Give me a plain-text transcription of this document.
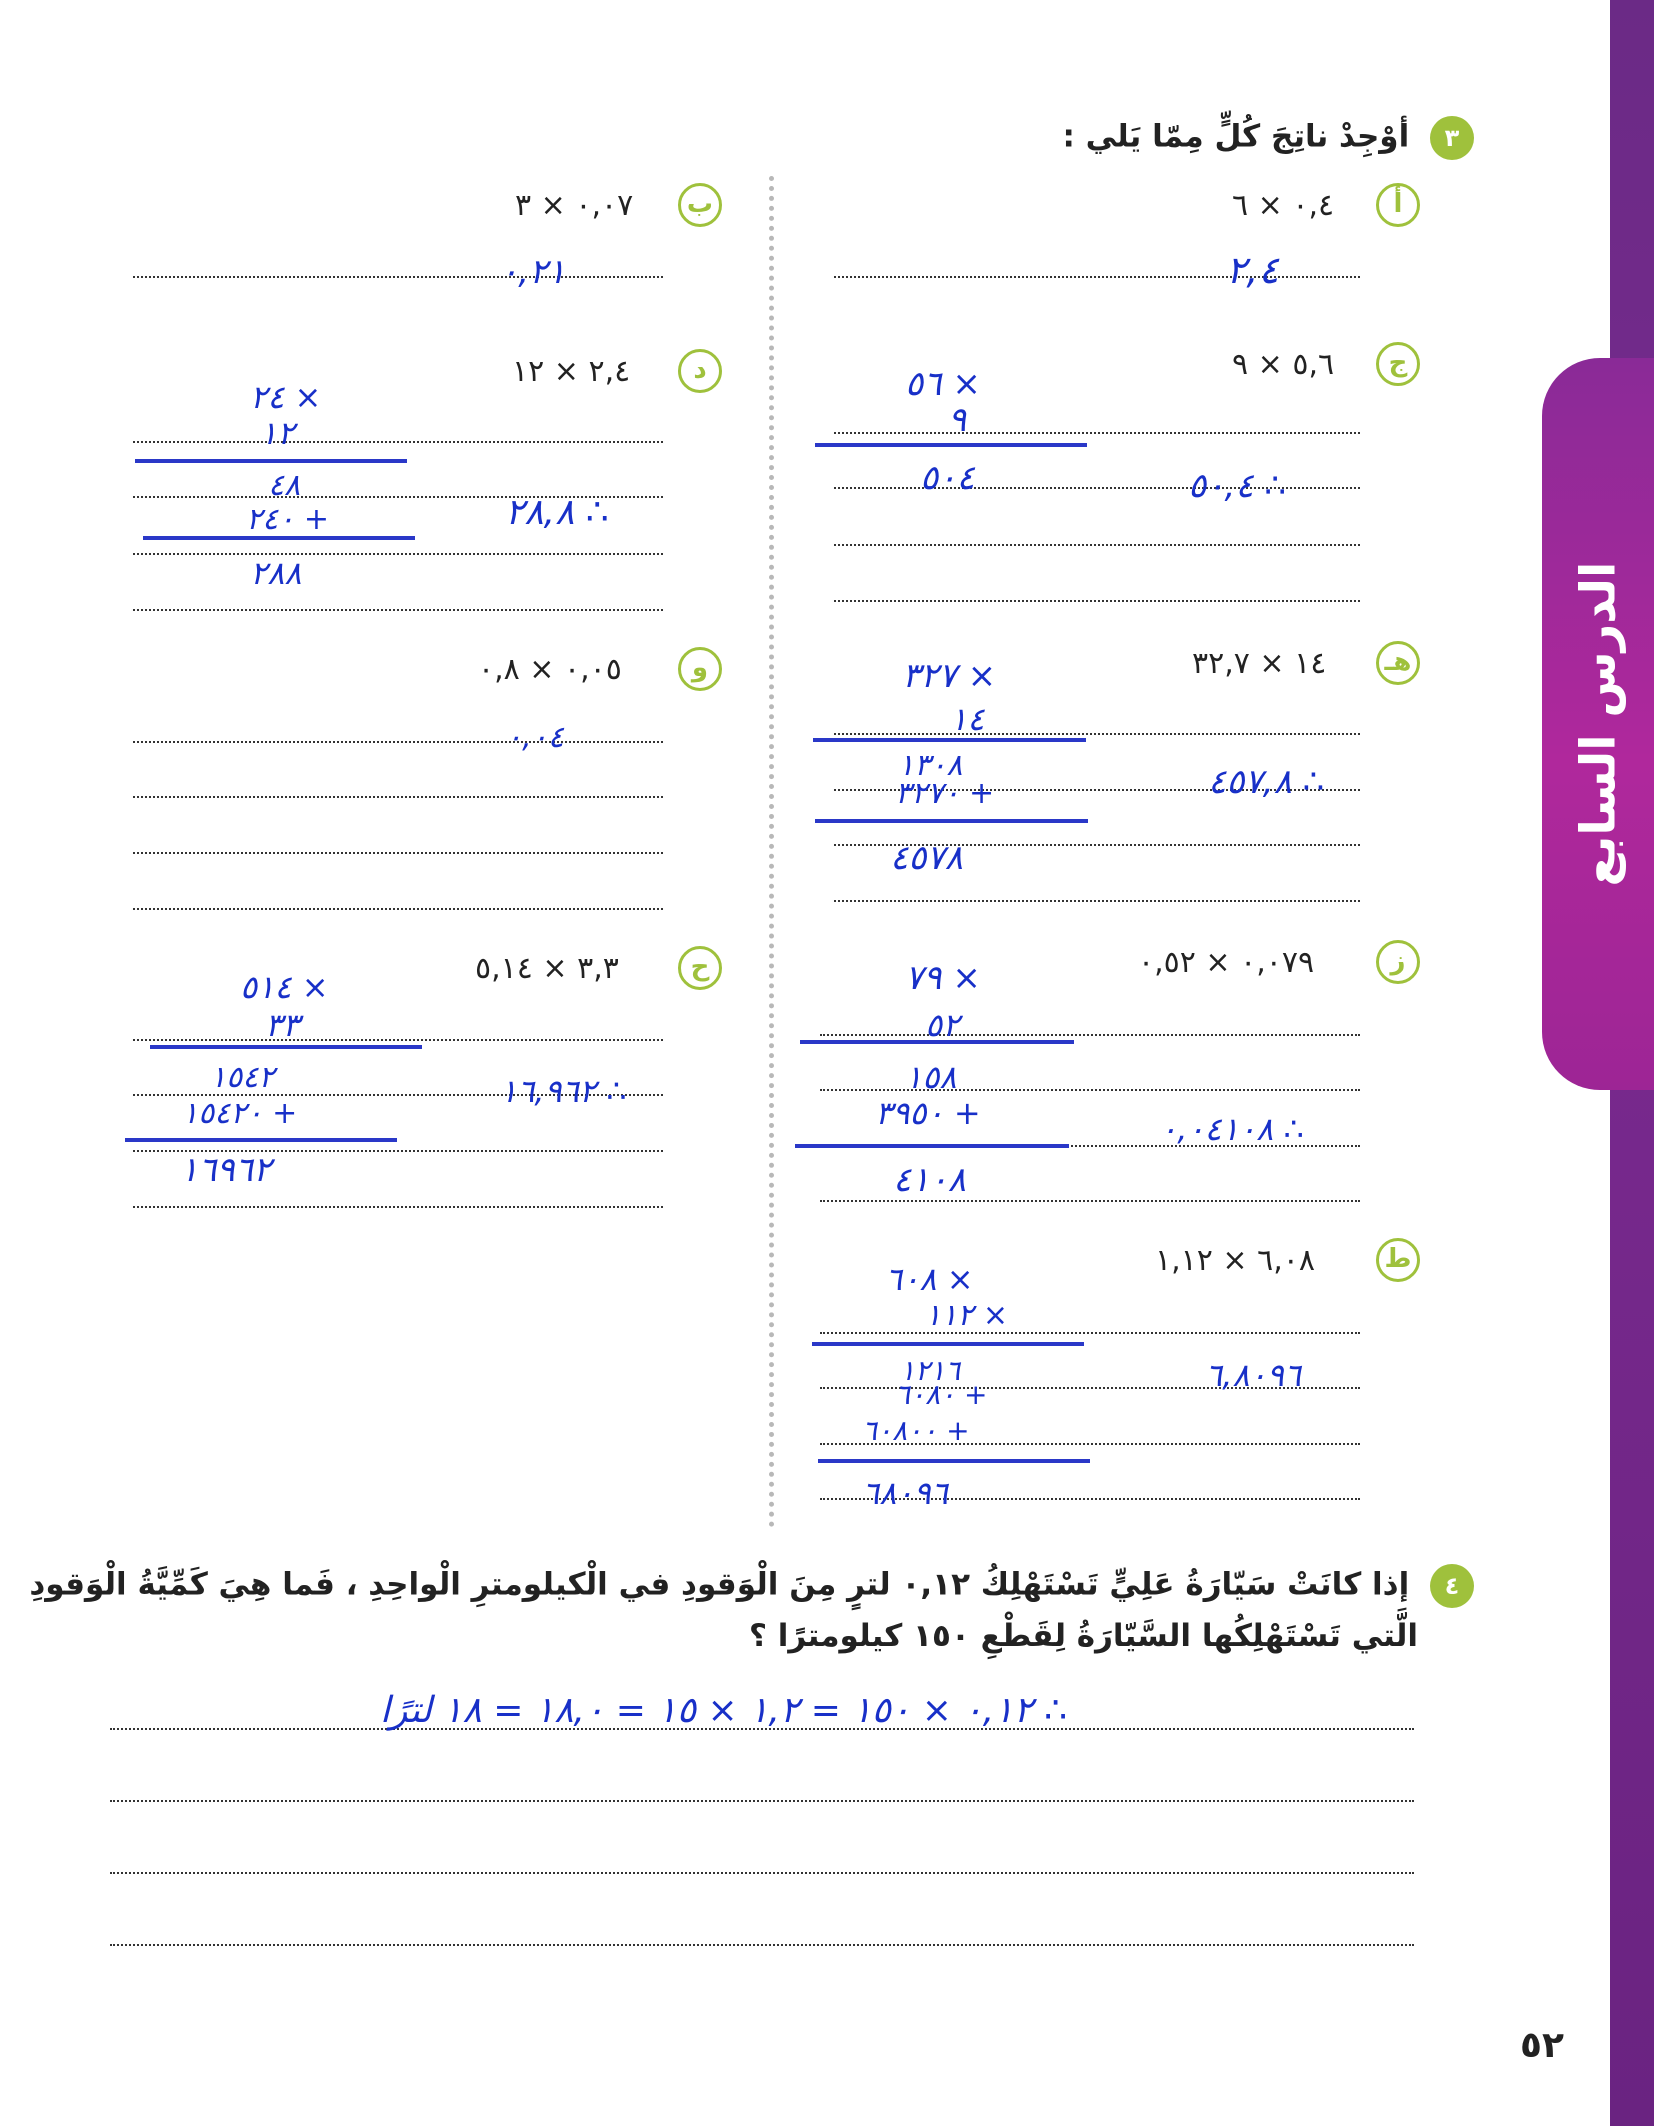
الدرس السابع
٣ أوْجِدْ ناتِجَ كُلٍّ مِمّا يَلي :
أ
٠,٤ × ٦
٢,٤
ب
٠,٠٧ × ٣
٠,٢١
ج
٥,٦ × ٩
٥٦ ×
٩
٥٠٤	٥٠,٤ ∴
د
٢,٤ × ١٢
٢٤ ×
١٢
٤٨
٢٤٠ +
٢٨٨
٢٨,٨ ∴
هـ
١٤ × ٣٢,٧
٣٢٧ ×
١٤
١٣٠٨
٣٢٧٠ +
٤٥٧٨
٤٥٧,٨ ∴
و
٠,٠٥ × ٠,٨
٠,٠٤
ز
٠,٠٧٩ × ٠,٥٢
٧٩ ×
٥٢
١٥٨
٣٩٥٠ +
٤١٠٨
٠,٠٤١٠٨ ∴
ح
٣,٣ × ٥,١٤
٥١٤ ×
٣٣
١٥٤٢
١٥٤٢٠ +
١٦٩٦٢
١٦,٩٦٢ ∴
ط
٦,٠٨ × ١,١٢
٦٠٨ ×
١١٢ ×
١٢١٦
٦٠٨٠ +
٦٠٨٠٠ +
٦٨٠٩٦
٦,٨٠٩٦
٤ إذا كانَتْ سَيّارَةُ عَلِيٍّ تَسْتَهْلِكُ ٠,١٢ لترٍ مِنَ الْوَقودِ في الْكيلومترِ الْواحِدِ ، فَما هِيَ كَمِّيَّةُ الْوَقودِ
الَّتي تَسْتَهْلِكُها السَّيّارَةُ لِقَطْعِ ١٥٠ كيلومترًا ؟
∴ ٠,١٢ × ١٥٠ = ١,٢ × ١٥ = ١٨,٠ = ١٨ لترًا
٥٢
